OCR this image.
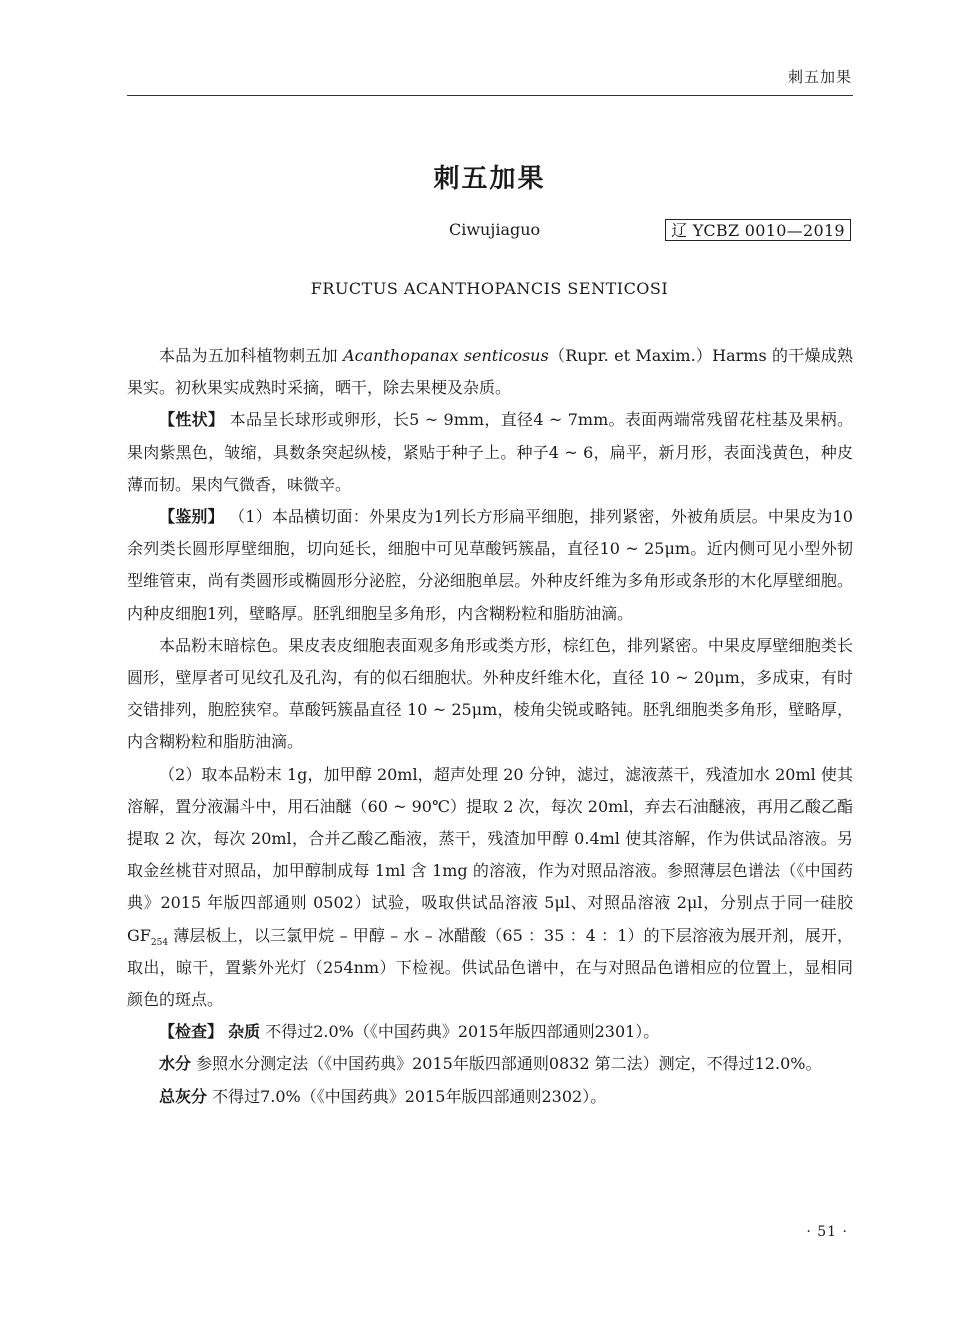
刺五加果
刺五加果
Ciwujiaguo	辽 YCBZ 0010—2019
FRUCTUS ACANTHOPANCIS SENTICOSI

本品为五加科植物刺五加 Acanthopanax senticosus（Rupr. et Maxim.）Harms 的干燥成熟果实。初秋果实成熟时采摘，晒干，除去果梗及杂质。

【性状】 本品呈长球形或卵形，长5 ~ 9mm，直径4 ~ 7mm。表面两端常残留花柱基及果柄。果肉紫黑色，皱缩，具数条突起纵棱，紧贴于种子上。种子4 ~ 6，扁平，新月形，表面浅黄色，种皮薄而韧。果肉气微香，味微辛。

【鉴别】 （1）本品横切面：外果皮为1列长方形扁平细胞，排列紧密，外被角质层。中果皮为10余列类长圆形厚壁细胞，切向延长，细胞中可见草酸钙簇晶，直径10 ~ 25μm。近内侧可见小型外韧型维管束，尚有类圆形或椭圆形分泌腔，分泌细胞单层。外种皮纤维为多角形或条形的木化厚壁细胞。内种皮细胞1列，壁略厚。胚乳细胞呈多角形，内含糊粉粒和脂肪油滴。

本品粉末暗棕色。果皮表皮细胞表面观多角形或类方形，棕红色，排列紧密。中果皮厚壁细胞类长圆形，壁厚者可见纹孔及孔沟，有的似石细胞状。外种皮纤维木化，直径 10 ~ 20μm，多成束，有时交错排列，胞腔狭窄。草酸钙簇晶直径 10 ~ 25μm，棱角尖锐或略钝。胚乳细胞类多角形，壁略厚，内含糊粉粒和脂肪油滴。

（2）取本品粉末 1g，加甲醇 20ml，超声处理 20 分钟，滤过，滤液蒸干，残渣加水 20ml 使其溶解，置分液漏斗中，用石油醚（60 ~ 90℃）提取 2 次，每次 20ml，弃去石油醚液，再用乙酸乙酯提取 2 次，每次 20ml，合并乙酸乙酯液，蒸干，残渣加甲醇 0.4ml 使其溶解，作为供试品溶液。另取金丝桃苷对照品，加甲醇制成每 1ml 含 1mg 的溶液，作为对照品溶液。参照薄层色谱法（《中国药典》2015 年版四部通则 0502）试验，吸取供试品溶液 5μl、对照品溶液 2μl，分别点于同一硅胶 $GF_{254}$ 薄层板上，以三氯甲烷 – 甲醇 – 水 – 冰醋酸（65 ：35 ：4 ：1）的下层溶液为展开剂，展开，取出，晾干，置紫外光灯（254nm）下检视。供试品色谱中，在与对照品色谱相应的位置上，显相同颜色的斑点。

【检查】 杂质 不得过2.0%（《中国药典》2015年版四部通则2301）。

水分 参照水分测定法（《中国药典》2015年版四部通则0832 第二法）测定，不得过12.0%。

总灰分 不得过7.0%（《中国药典》2015年版四部通则2302）。

· 51 ·
